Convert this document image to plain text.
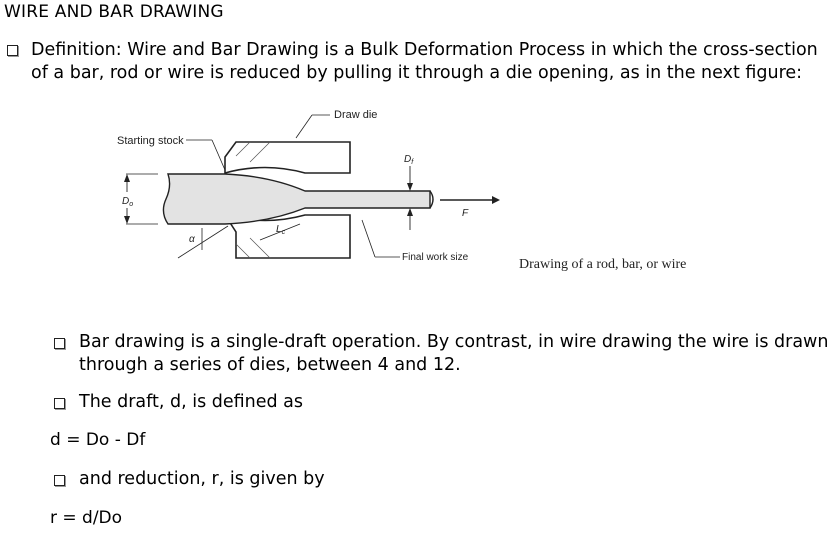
WIRE AND BAR DRAWING
Definition: Wire and Bar Drawing is a Bulk Deformation Process in which the cross-section
of a bar, rod or wire is reduced by pulling it through a die opening, as in the next figure:
Draw die
Starting stock
$D_f$
$D_o$
F
α
$L_c$
Final work size	Drawing of a rod, bar, or wire
Bar drawing is a single-draft operation. By contrast, in wire drawing the wire is drawn
through a series of dies, between 4 and 12.
The draft, d, is defined as
d = Do - Df
and reduction, r, is given by
r = d/Do
